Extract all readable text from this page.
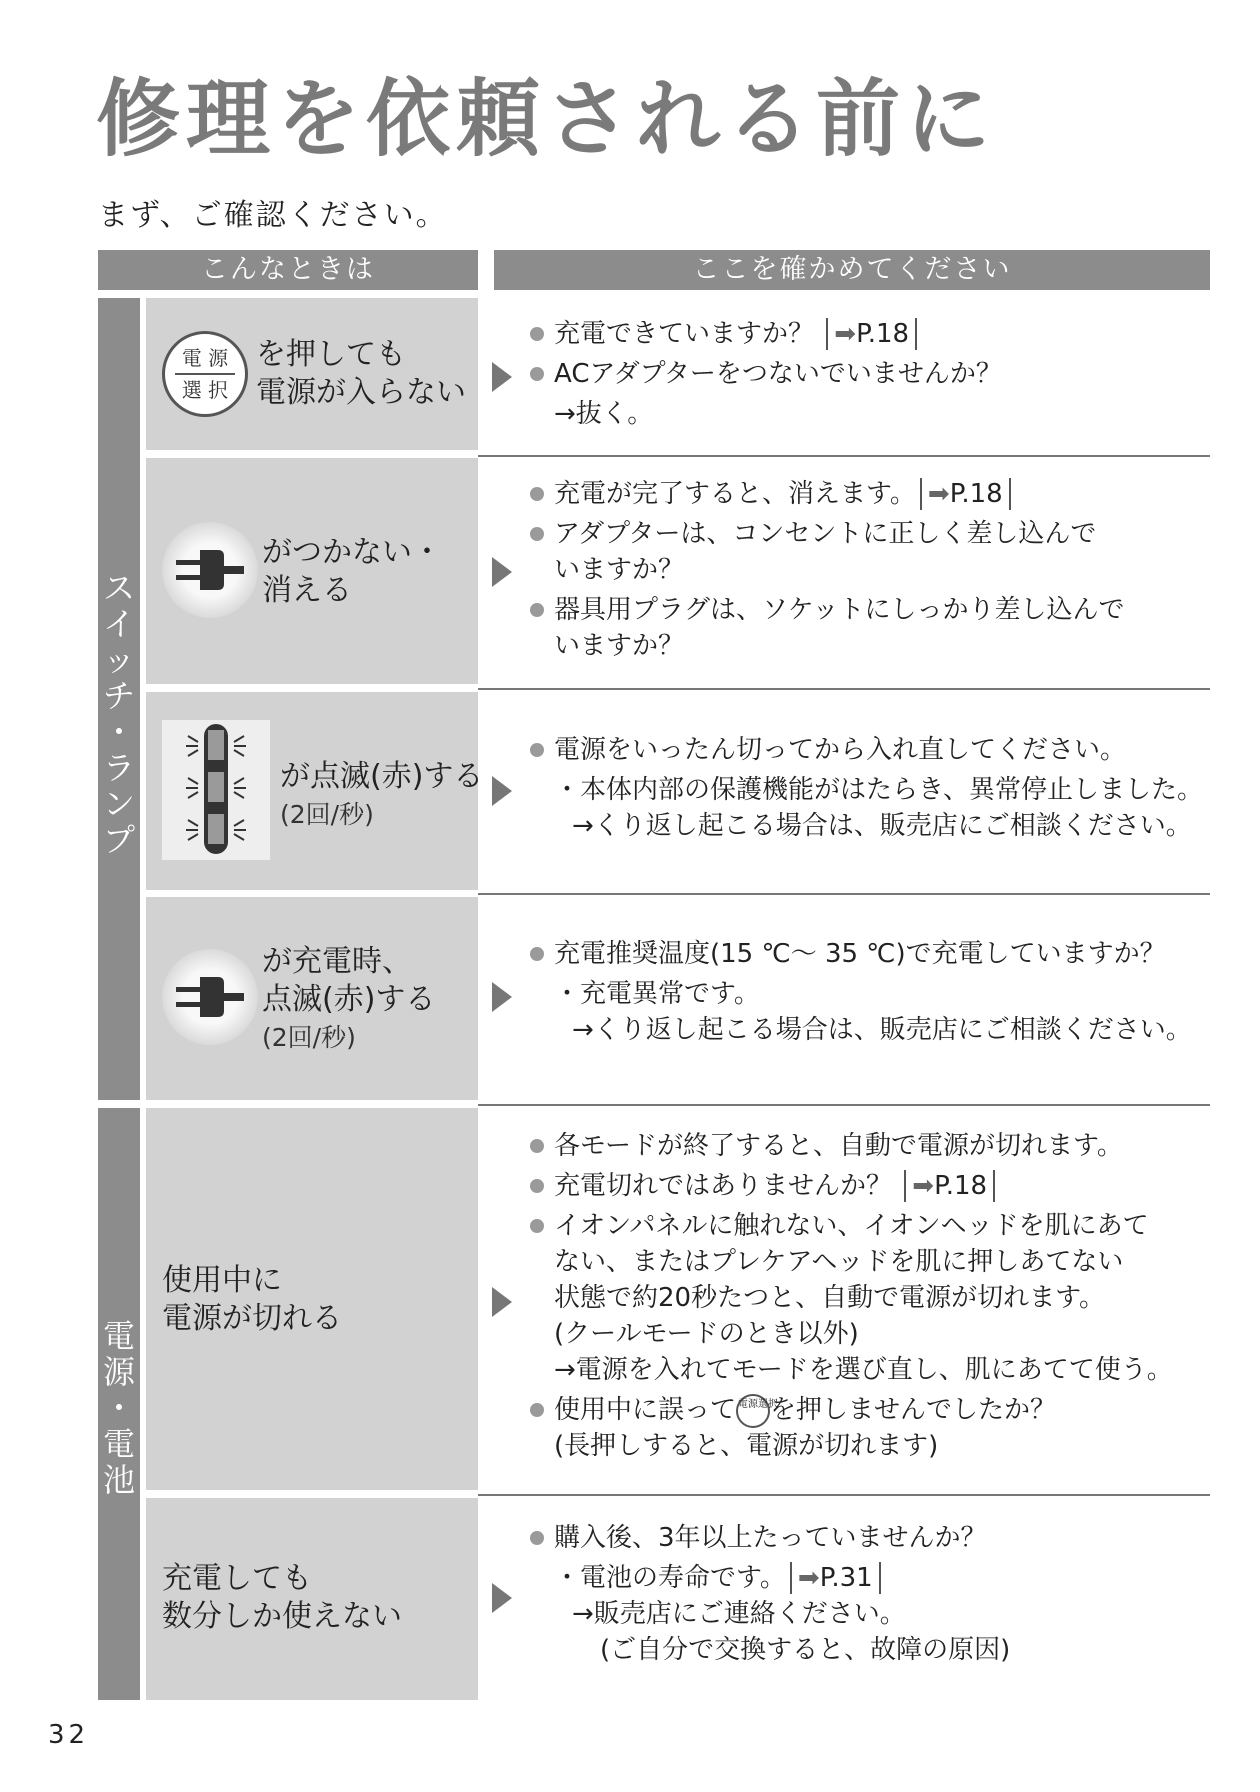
修理を依頼される前に
まず、ご確認ください。
こんなときは	ここを確かめてください
ス
イ
ッ
チ
・
ラ
ン
プ
電
源
・
電
池
電 源
選 択
を押しても
電源が入らない
充電できていますか？ ➡P.18
ACアダプターをつないでいませんか？
→抜く。
がつかない・
消える
充電が完了すると、消えます。 ➡P.18
アダプターは、コンセントに正しく差し込んで
いますか？
器具用プラグは、ソケットにしっかり差し込んで
いますか？
が点滅(赤)する
(2回/秒)
電源をいったん切ってから入れ直してください。
・本体内部の保護機能がはたらき、異常停止しました。
→くり返し起こる場合は、販売店にご相談ください。
が充電時、
点滅(赤)する
(2回/秒)
充電推奨温度(15 ℃～ 35 ℃)で充電していますか？
・充電異常です。
→くり返し起こる場合は、販売店にご相談ください。
使用中に
電源が切れる
各モードが終了すると、自動で電源が切れます。
充電切れではありませんか？ ➡P.18
イオンパネルに触れない、イオンヘッドを肌にあて
ない、またはプレケアヘッドを肌に押しあてない
状態で約20秒たつと、自動で電源が切れます。
(クールモードのとき以外)
→電源を入れてモードを選び直し、肌にあてて使う。
使用中に誤って 電源選択を押しませんでしたか？
(長押しすると、電源が切れます)
充電しても
数分しか使えない
購入後、3年以上たっていませんか？
・電池の寿命です。 ➡P.31
→販売店にご連絡ください。
(ご自分で交換すると、故障の原因)
32
